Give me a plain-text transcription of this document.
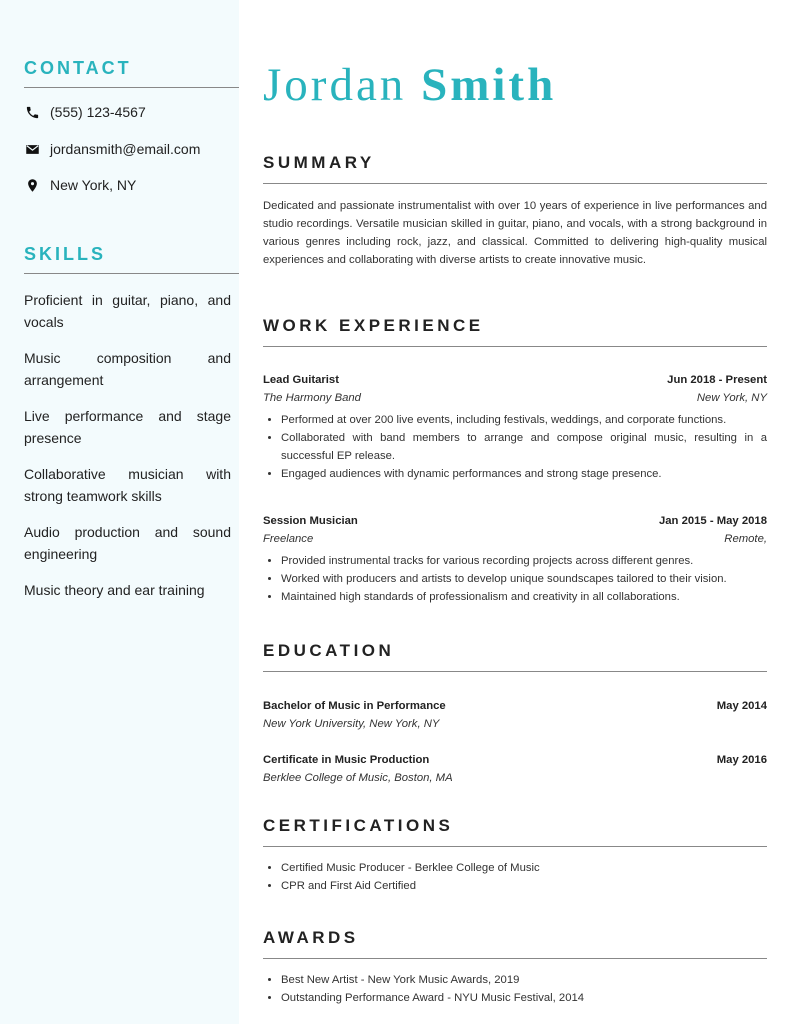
CONTACT
(555) 123-4567
jordansmith@email.com
New York, NY
SKILLS
Proficient in guitar, piano, and vocals
Music composition and arrangement
Live performance and stage presence
Collaborative musician with strong teamwork skills
Audio production and sound engineering
Music theory and ear training
Jordan Smith
SUMMARY

Dedicated and passionate instrumentalist with over 10 years of experience in live performances and studio recordings. Versatile musician skilled in guitar, piano, and vocals, with a strong background in various genres including rock, jazz, and classical. Committed to delivering high-quality musical experiences and collaborating with diverse artists to create innovative music.

WORK EXPERIENCE
Lead Guitarist	Jun 2018 - Present
The Harmony Band	New York, NY
• Performed at over 200 live events, including festivals, weddings, and corporate functions.
• Collaborated with band members to arrange and compose original music, resulting in a successful EP release.
• Engaged audiences with dynamic performances and strong stage presence.
Session Musician	Jan 2015 - May 2018
Freelance	Remote,
• Provided instrumental tracks for various recording projects across different genres.
• Worked with producers and artists to develop unique soundscapes tailored to their vision.
• Maintained high standards of professionalism and creativity in all collaborations.
EDUCATION
Bachelor of Music in Performance	May 2014
New York University, New York, NY
Certificate in Music Production	May 2016
Berklee College of Music, Boston, MA
CERTIFICATIONS
• Certified Music Producer - Berklee College of Music
• CPR and First Aid Certified
AWARDS
• Best New Artist - New York Music Awards, 2019
• Outstanding Performance Award - NYU Music Festival, 2014
